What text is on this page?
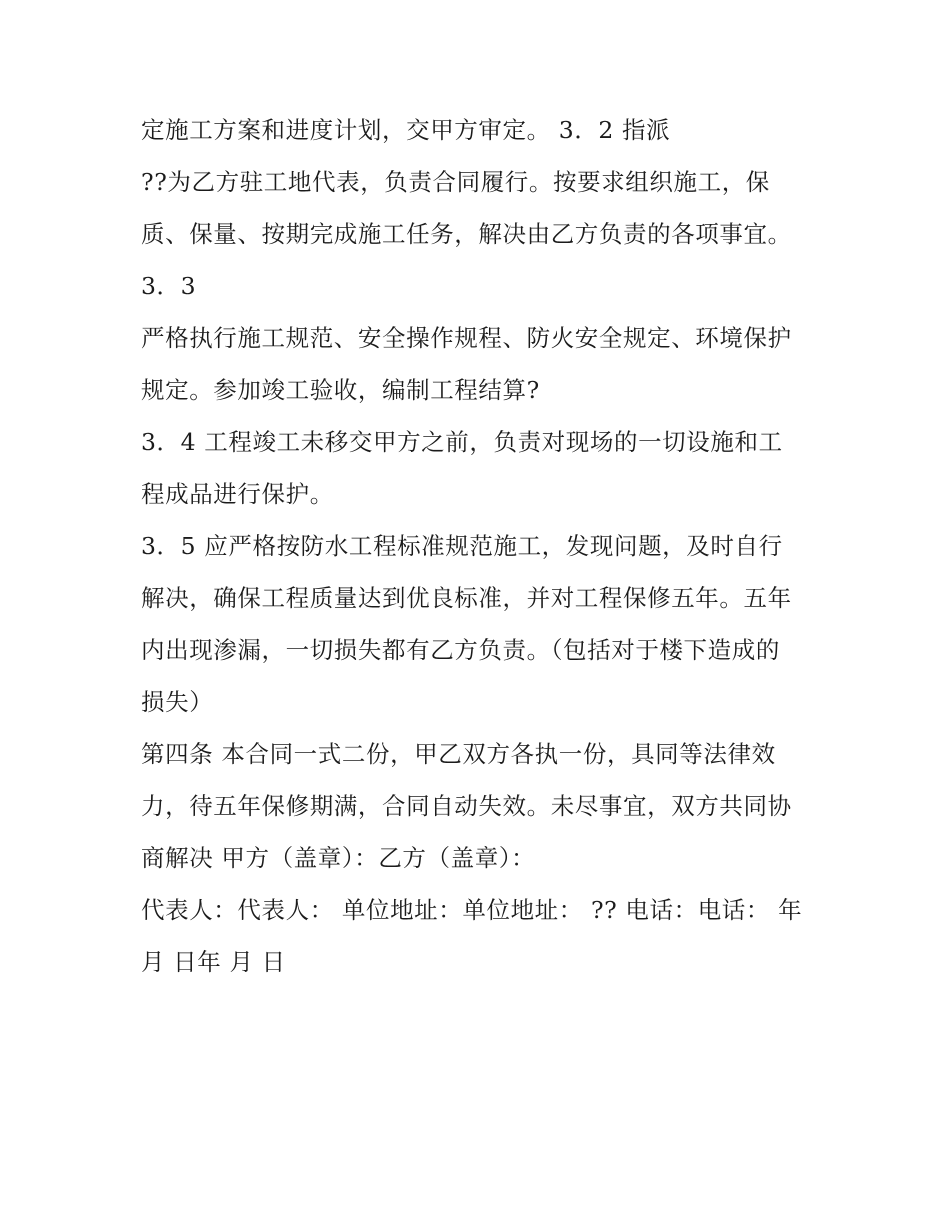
定施工方案和进度计划，交甲方审定。 3．2 指派
??为乙方驻工地代表，负责合同履行。按要求组织施工，保
质、保量、按期完成施工任务，解决由乙方负责的各项事宜。
3．3
严格执行施工规范、安全操作规程、防火安全规定、环境保护
规定。参加竣工验收，编制工程结算?
3．4 工程竣工未移交甲方之前，负责对现场的一切设施和工
程成品进行保护。
3．5 应严格按防水工程标准规范施工，发现问题，及时自行
解决，确保工程质量达到优良标准，并对工程保修五年。五年
内出现渗漏，一切损失都有乙方负责。（包括对于楼下造成的
损失）
第四条 本合同一式二份，甲乙双方各执一份，具同等法律效
力，待五年保修期满，合同自动失效。未尽事宜，双方共同协
商解决 甲方（盖章）：乙方（盖章）：
代表人：代表人： 单位地址：单位地址： ?? 电话：电话： 年
月 日年 月 日
